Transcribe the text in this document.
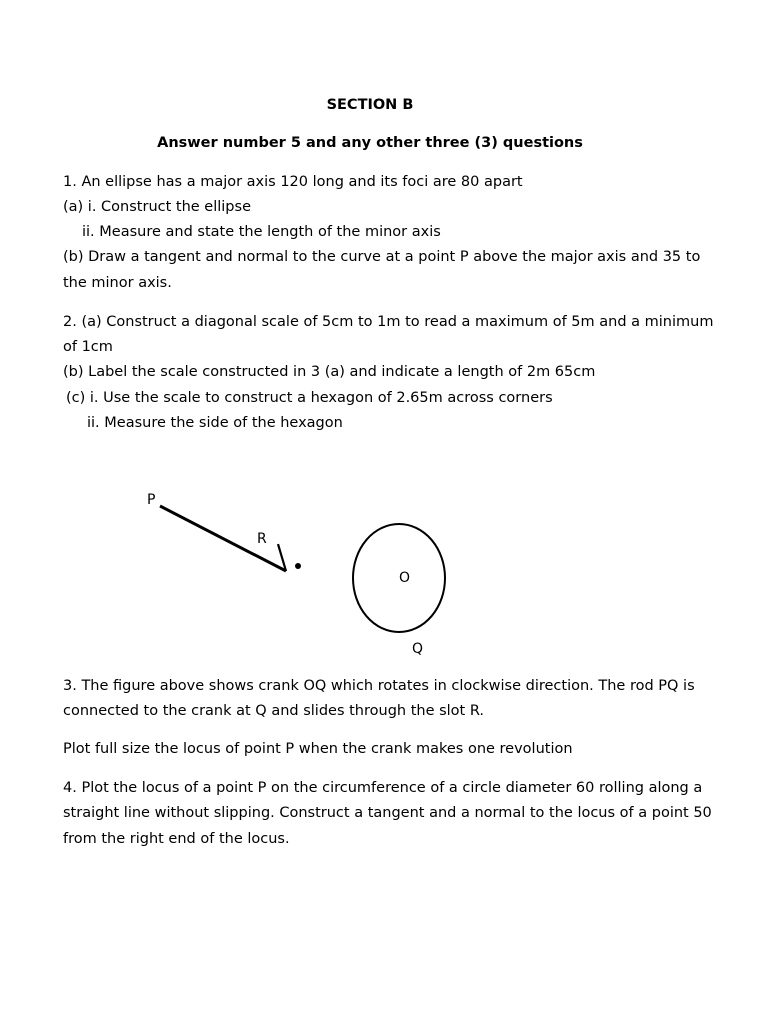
SECTION B
Answer number 5 and any other three (3) questions
1. An ellipse has a major axis 120 long and its foci are 80 apart
(a) i. Construct the ellipse
ii. Measure and state the length of the minor axis
(b) Draw a tangent and normal to the curve at a point P above the major axis and 35 to
the minor axis.
2. (a) Construct a diagonal scale of 5cm to 1m to read a maximum of 5m and a minimum
of 1cm
(b) Label the scale constructed in 3 (a) and indicate a length of 2m 65cm
(c) i. Use the scale to construct a hexagon of 2.65m across corners
ii. Measure the side of the hexagon
P
R
O
Q
3. The figure above shows crank OQ which rotates in clockwise direction. The rod PQ is
connected to the crank at Q and slides through the slot R.
Plot full size the locus of point P when the crank makes one revolution
4. Plot the locus of a point P on the circumference of a circle diameter 60 rolling along a
straight line without slipping. Construct a tangent and a normal to the locus of a point 50
from the right end of the locus.
